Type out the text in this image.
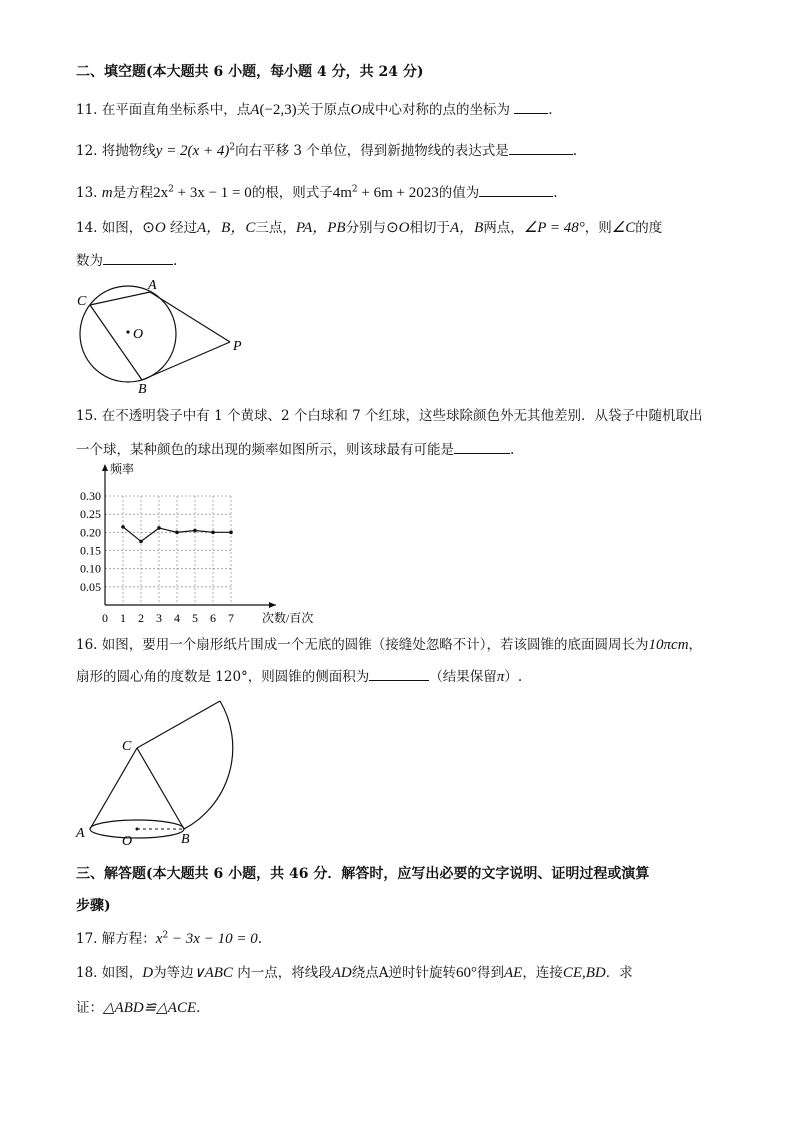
二、填空题(本大题共 6 小题，每小题 4 分，共 24 分)
11. 在平面直角坐标系中，点A(−2,3)关于原点O成中心对称的点的坐标为	.
12. 将抛物线$y = 2(x + 4)^2$向右平移 3 个单位，得到新抛物线的表达式是	.
13. m是方程$2x^2 + 3x - 1 = 0$的根，则式子$4m^2 + 6m + 2023$的值为	.
14. 如图，⊙O 经过A，B，C三点，PA，PB分别与⊙O相切于A，B两点，∠P = 48°，则∠C的度
数为	.
C
A
O
P
B
15. 在不透明袋子中有 1 个黄球、2 个白球和 7 个红球，这些球除颜色外无其他差别．从袋子中随机取出
一个球，某种颜色的球出现的频率如图所示，则该球最有可能是	.
0.05
0.10
0.15
0.20
0.25
0.30
0 1 2 3 4 5 6 7
频率
次数/百次
16. 如图，要用一个扇形纸片围成一个无底的圆锥（接缝处忽略不计），若该圆锥的底面圆周长为10πcm，
扇形的圆心角的度数是 120°，则圆锥的侧面积为	（结果保留π）.
C
A
O	B
三、解答题(本大题共 6 小题，共 46 分．解答时，应写出必要的文字说明、证明过程或演算
步骤)
17. 解方程：$x^2 - 3x - 10 = 0$.
18. 如图，D为等边∨ABC 内一点，将线段AD绕点A逆时针旋转60°得到AE，连接CE,BD．求
证：△ABD≌△ACE.
